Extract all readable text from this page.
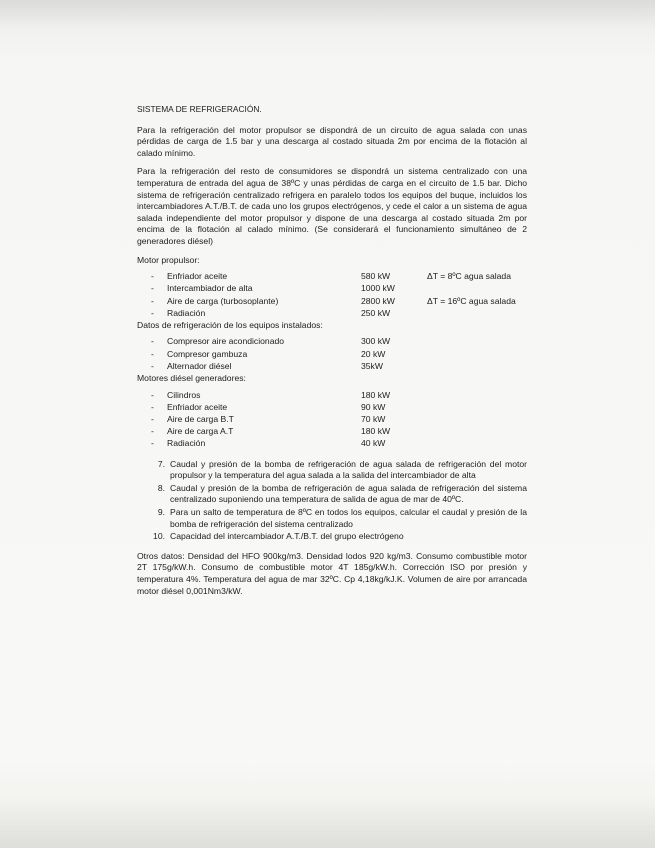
SISTEMA DE REFRIGERACIÓN.

Para la refrigeración del motor propulsor se dispondrá de un circuito de agua salada con unas pérdidas de carga de 1.5 bar y una descarga al costado situada 2m por encima de la flotación al calado mínimo.

Para la refrigeración del resto de consumidores se dispondrá un sistema centralizado con una temperatura de entrada del agua de 38ºC y unas pérdidas de carga en el circuito de 1.5 bar. Dicho sistema de refrigeración centralizado refrigera en paralelo todos los equipos del buque, incluidos los intercambiadores A.T./B.T. de cada uno los grupos electrógenos, y cede el calor a un sistema de agua salada independiente del motor propulsor y dispone de una descarga al costado situada 2m por encima de la flotación al calado mínimo. (Se considerará el funcionamiento simultáneo de 2 generadores diésel)

Motor propulsor:
-	Enfriador aceite	580 kW	ΔT = 8ºC agua salada
-	Intercambiador de alta	1000 kW
-	Aire de carga (turbosoplante)	2800 kW	ΔT = 16ºC agua salada
-	Radiación	250 kW
Datos de refrigeración de los equipos instalados:
-	Compresor aire acondicionado	300 kW
-	Compresor gambuza	20 kW
-	Alternador diésel	35kW
Motores diésel generadores:
-	Cilindros	180 kW
-	Enfriador aceite	90 kW
-	Aire de carga B.T	70 kW
-	Aire de carga A.T	180 kW
-	Radiación	40 kW
7. Caudal y presión de la bomba de refrigeración de agua salada de refrigeración del motor propulsor y la temperatura del agua salada a la salida del intercambiador de alta
8. Caudal y presión de la bomba de refrigeración de agua salada de refrigeración del sistema centralizado suponiendo una temperatura de salida de agua de mar de 40ºC.
9. Para un salto de temperatura de 8ºC en todos los equipos, calcular el caudal y presión de la bomba de refrigeración del sistema centralizado
10. Capacidad del intercambiador A.T./B.T. del grupo electrógeno

Otros datos: Densidad del HFO 900kg/m3. Densidad lodos 920 kg/m3. Consumo combustible motor 2T 175g/kW.h. Consumo de combustible motor 4T 185g/kW.h. Corrección ISO por presión y temperatura 4%. Temperatura del agua de mar 32ºC. Cp 4,18kg/kJ.K. Volumen de aire por arrancada motor diésel 0,001Nm3/kW.
